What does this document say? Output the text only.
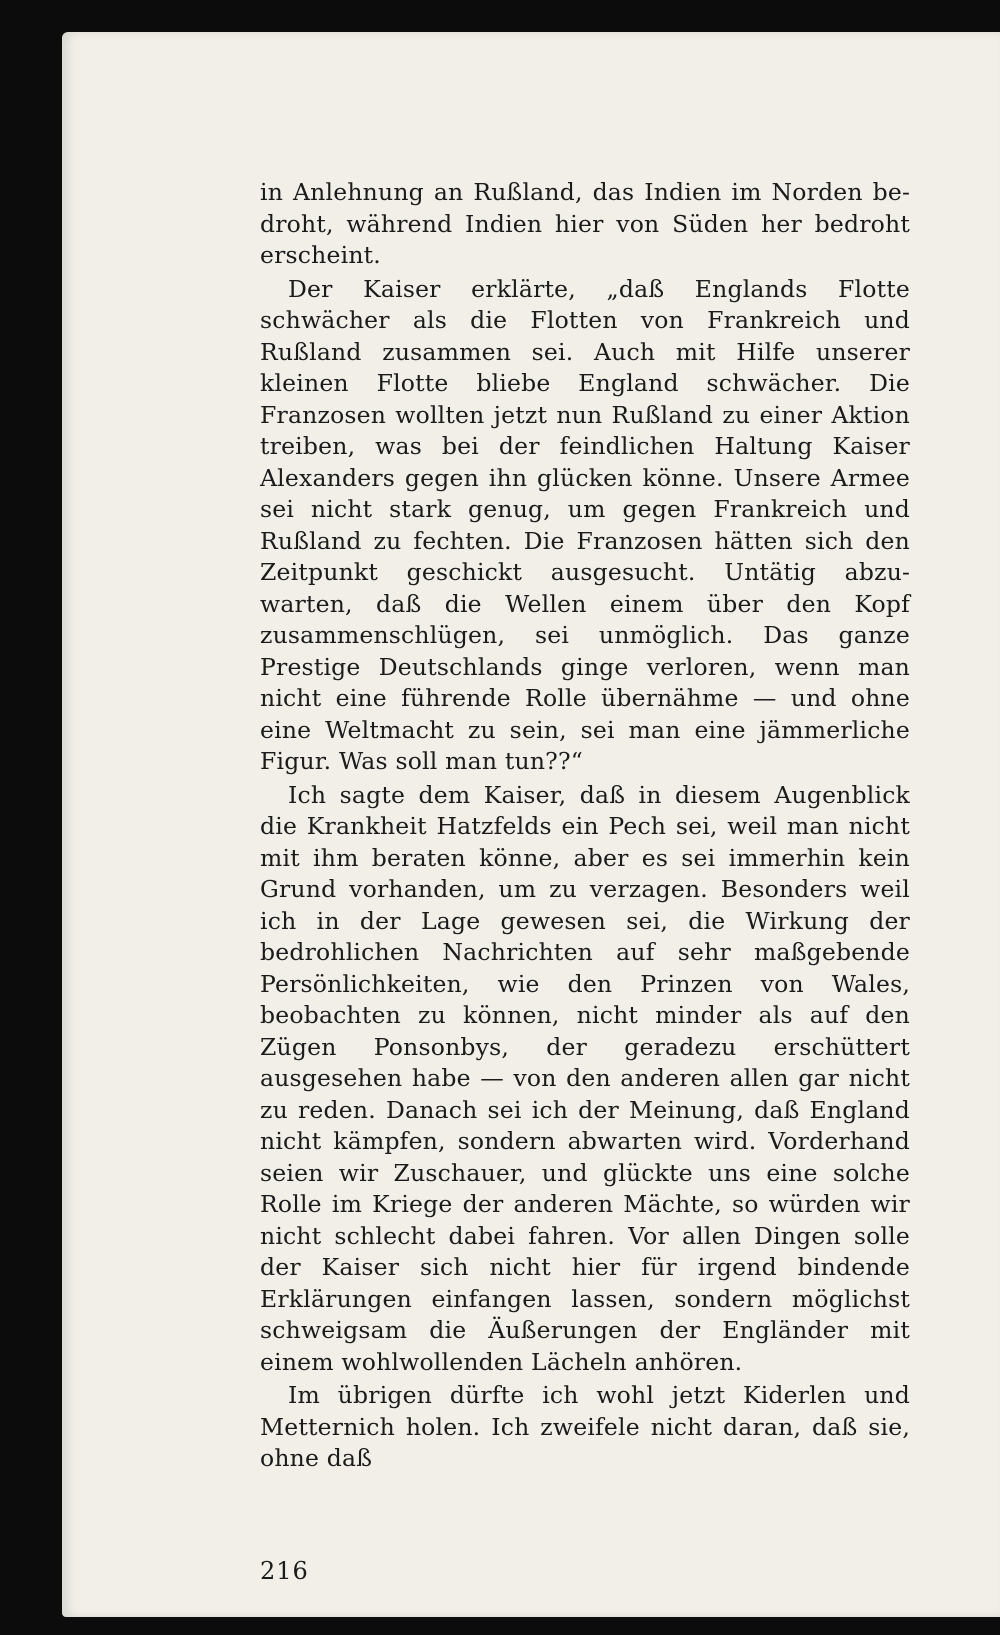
in Anlehnung an Rußland, das Indien im Norden bedroht, während Indien hier von Süden her bedroht erscheint.

Der Kaiser erklärte, „daß Englands Flotte schwächer als die Flotten von Frankreich und Rußland zusammen sei. Auch mit Hilfe unserer kleinen Flotte bliebe England schwächer. Die Franzosen wollten jetzt nun Rußland zu einer Aktion treiben, was bei der feindlichen Haltung Kaiser Alexanders gegen ihn glücken könne. Unsere Armee sei nicht stark genug, um gegen Frankreich und Rußland zu fechten. Die Franzosen hätten sich den Zeitpunkt geschickt ausgesucht. Untätig abzuwarten, daß die Wellen einem über den Kopf zusammenschlügen, sei unmöglich. Das ganze Prestige Deutschlands ginge verloren, wenn man nicht eine führende Rolle übernähme — und ohne eine Weltmacht zu sein, sei man eine jämmerliche Figur. Was soll man tun??“

Ich sagte dem Kaiser, daß in diesem Augenblick die Krankheit Hatzfelds ein Pech sei, weil man nicht mit ihm beraten könne, aber es sei immerhin kein Grund vorhanden, um zu verzagen. Besonders weil ich in der Lage gewesen sei, die Wirkung der bedrohlichen Nachrichten auf sehr maßgebende Persönlichkeiten, wie den Prinzen von Wales, beobachten zu können, nicht minder als auf den Zügen Ponsonbys, der geradezu erschüttert ausgesehen habe — von den anderen allen gar nicht zu reden. Danach sei ich der Meinung, daß England nicht kämpfen, sondern abwarten wird. Vorderhand seien wir Zuschauer, und glückte uns eine solche Rolle im Kriege der anderen Mächte, so würden wir nicht schlecht dabei fahren. Vor allen Dingen solle der Kaiser sich nicht hier für irgend bindende Erklärungen einfangen lassen, sondern möglichst schweigsam die Äußerungen der Engländer mit einem wohlwollenden Lächeln anhören.

Im übrigen dürfte ich wohl jetzt Kiderlen und Metternich holen. Ich zweifele nicht daran, daß sie, ohne daß

216
